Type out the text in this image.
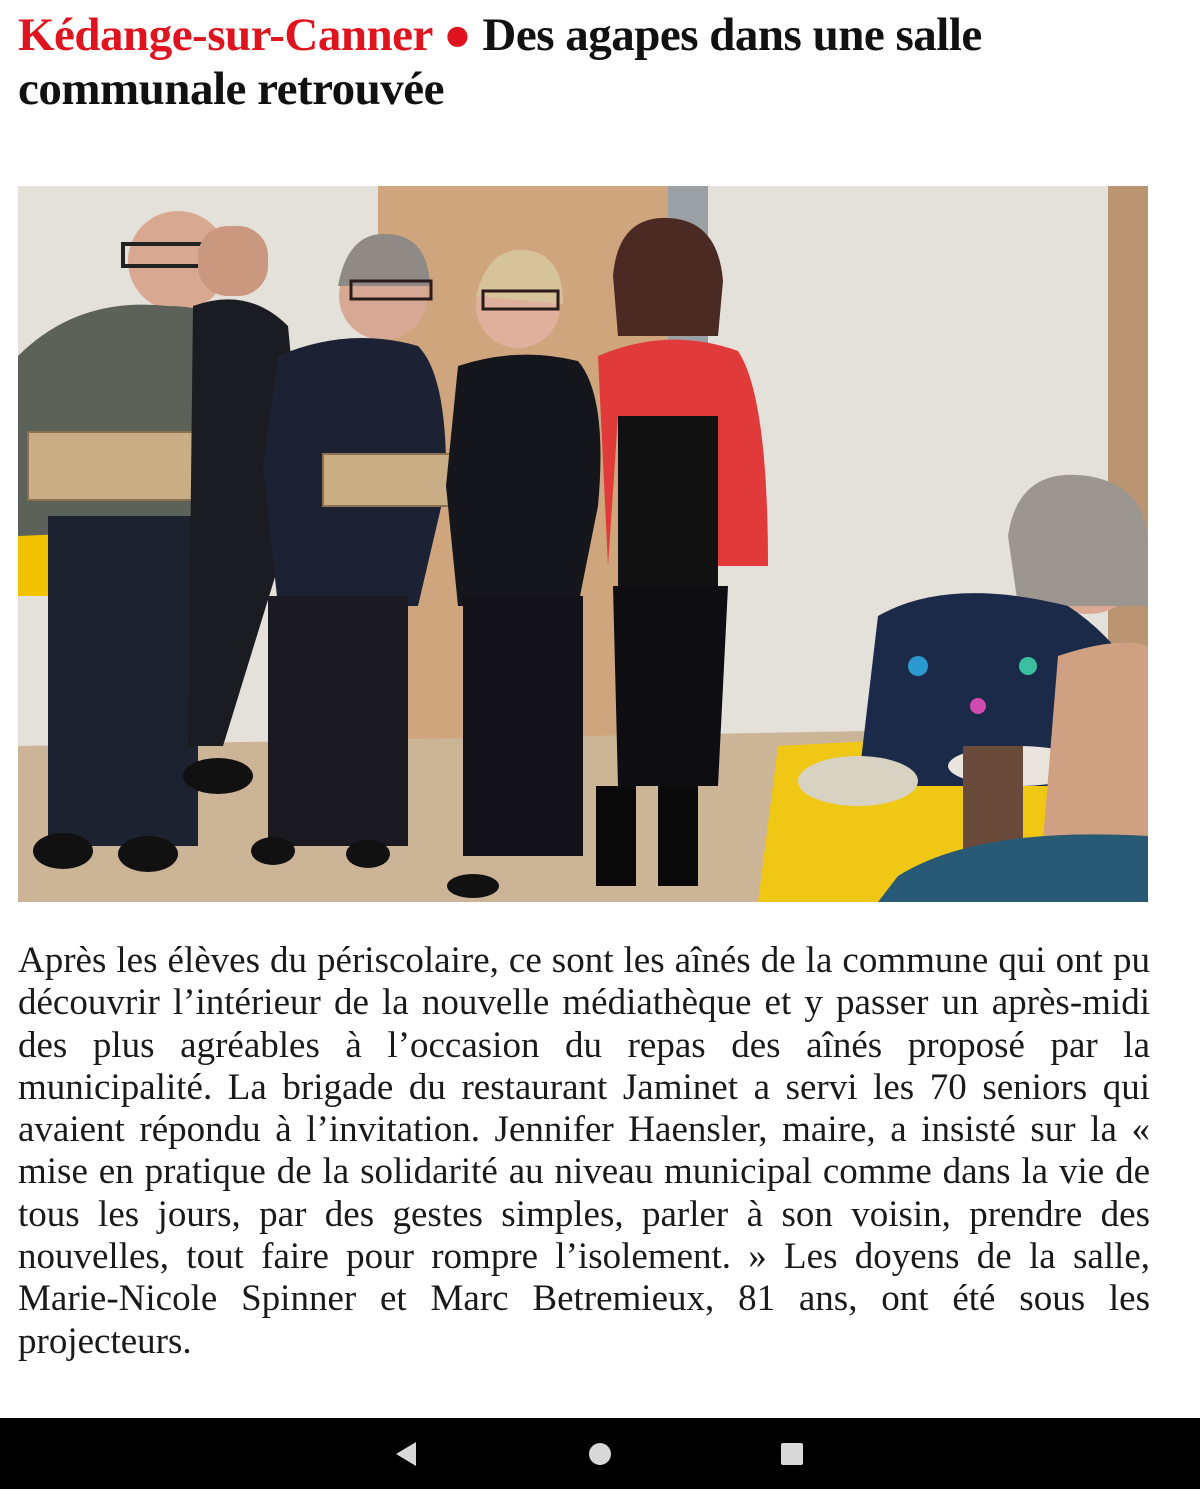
Kédange-sur-Canner ● Des agapes dans une salle communale retrouvée

Après les élèves du périscolaire, ce sont les aînés de la commune qui ont pu découvrir l’intérieur de la nouvelle médiathèque et y passer un après-midi des plus agréables à l’occasion du repas des aînés proposé par la municipalité. La brigade du restaurant Jaminet a servi les 70 seniors qui avaient répondu à l’invitation. Jennifer Haensler, maire, a insisté sur la « mise en pratique de la solidarité au niveau municipal comme dans la vie de tous les jours, par des gestes simples, parler à son voisin, prendre des nouvelles, tout faire pour rompre l’isolement. » Les doyens de la salle, Marie-Nicole Spinner et Marc Betremieux, 81 ans, ont été sous les projecteurs.
